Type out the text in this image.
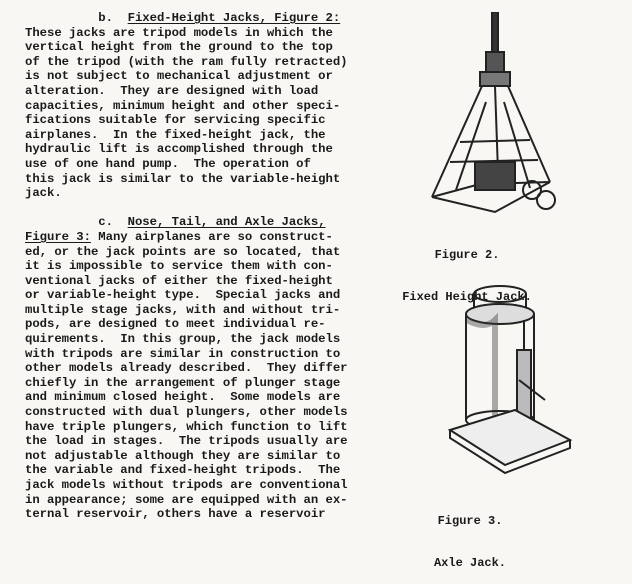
b. Fixed-Height Jacks, Figure 2:
These jacks are tripod models in which the
vertical height from the ground to the top
of the tripod (with the ram fully retracted)
is not subject to mechanical adjustment or
alteration.  They are designed with load
capacities, minimum height and other speci-
fications suitable for servicing specific
airplanes.  In the fixed-height jack, the
hydraulic lift is accomplished through the
use of one hand pump.  The operation of
this jack is similar to the variable-height
jack.
c. Nose, Tail, and Axle Jacks,
Figure 3: Many airplanes are so construct-
ed, or the jack points are so located, that
it is impossible to service them with con-
ventional jacks of either the fixed-height
or variable-height type.  Special jacks and
multiple stage jacks, with and without tri-
pods, are designed to meet individual re-
quirements.  In this group, the jack models
with tripods are similar in construction to
other models already described.  They differ
chiefly in the arrangement of plunger stage
and minimum closed height.  Some models are
constructed with dual plungers, other models
have triple plungers, which function to lift
the load in stages.  The tripods usually are
not adjustable although they are similar to
the variable and fixed-height tripods.  The
jack models without tripods are conventional
in appearance; some are equipped with an ex-
ternal reservoir, others have a reservoir

Figure 2.

Fixed Height Jack.

Figure 3.

Axle Jack.
